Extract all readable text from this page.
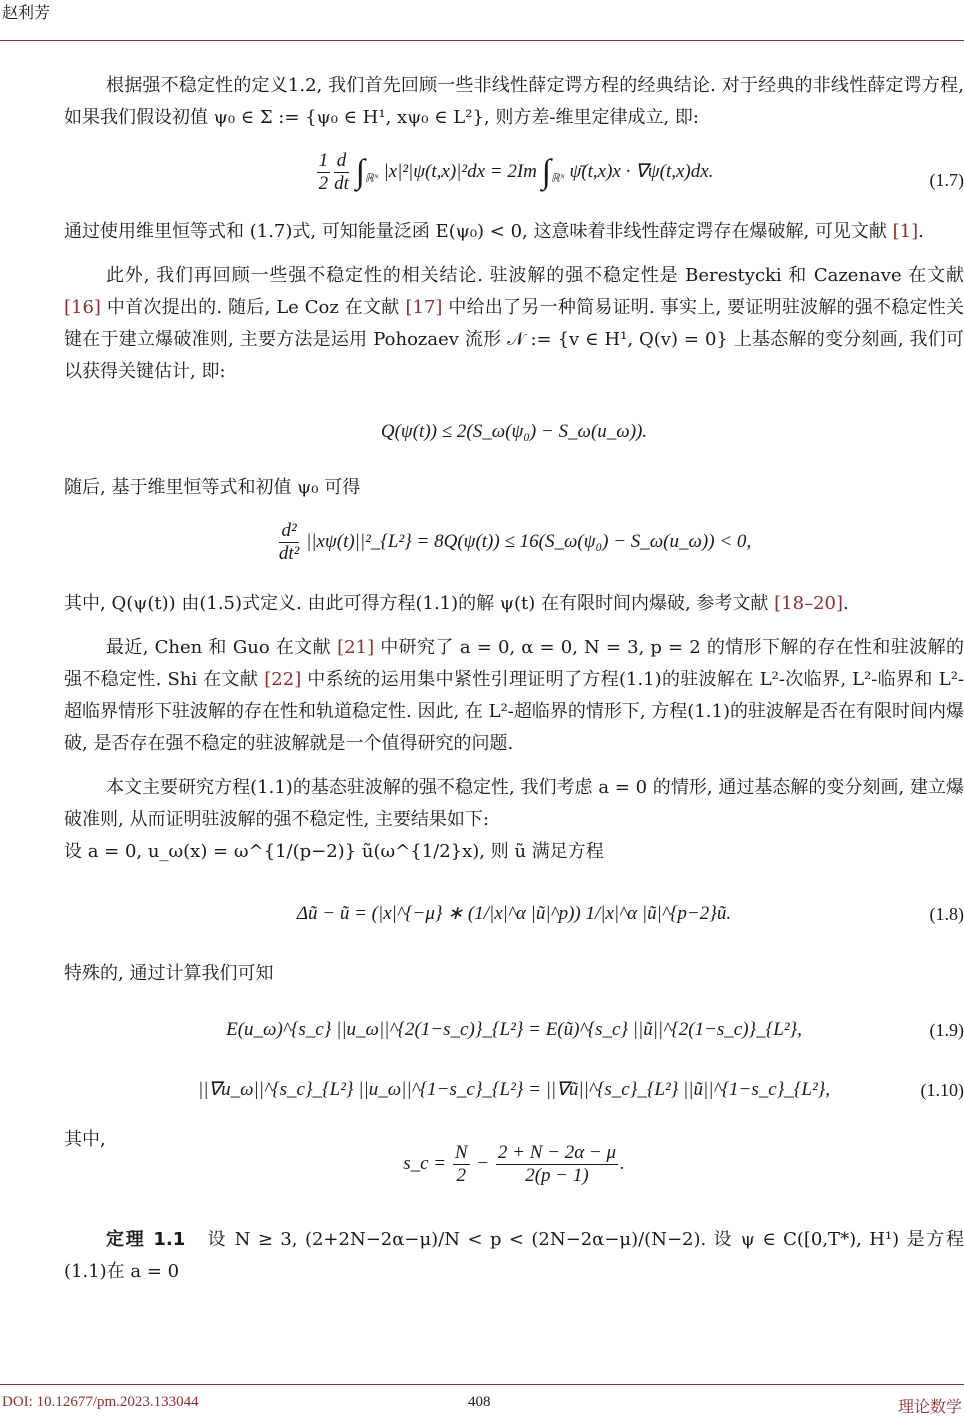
赵利芳

根据强不稳定性的定义1.2, 我们首先回顾一些非线性薛定谔方程的经典结论. 对于经典的非线性薛定谔方程, 如果我们假设初值 ψ₀ ∈ Σ := {ψ₀ ∈ H¹, xψ₀ ∈ L²}, 则方差-维里定律成立, 即:

$\frac{1}{2} \frac{d}{dt} \int_{ℝᴺ}$ |x|²|ψ(t,x)|²dx = 2Im $\int_{ℝᴺ}$ ψ̄(t,x)x · ∇ψ(t,x)dx.	(1.7)

通过使用维里恒等式和 (1.7)式, 可知能量泛函 E(ψ₀) < 0, 这意味着非线性薛定谔存在爆破解, 可见文献 [1].

此外, 我们再回顾一些强不稳定性的相关结论. 驻波解的强不稳定性是 Berestycki 和 Cazenave 在文献 [16] 中首次提出的. 随后, Le Coz 在文献 [17] 中给出了另一种简易证明. 事实上, 要证明驻波解的强不稳定性关键在于建立爆破准则, 主要方法是运用 Pohozaev 流形 𝒩 := {v ∈ H¹, Q(v) = 0} 上基态解的变分刻画, 我们可以获得关键估计, 即:

Q(ψ(t)) ≤ 2(S_ω(ψ₀) − S_ω(u_ω)).

随后, 基于维里恒等式和初值 ψ₀ 可得

$\frac{\text{d²}}{\text{dt²}}$ ||xψ(t)||²_{L²} = 8Q(ψ(t)) ≤ 16(S_ω(ψ₀) − S_ω(u_ω)) < 0,

其中, Q(ψ(t)) 由(1.5)式定义. 由此可得方程(1.1)的解 ψ(t) 在有限时间内爆破, 参考文献 [18–20].

最近, Chen 和 Guo 在文献 [21] 中研究了 a = 0, α = 0, N = 3, p = 2 的情形下解的存在性和驻波解的强不稳定性. Shi 在文献 [22] 中系统的运用集中紧性引理证明了方程(1.1)的驻波解在 L²-次临界, L²-临界和 L²-超临界情形下驻波解的存在性和轨道稳定性. 因此, 在 L²-超临界的情形下, 方程(1.1)的驻波解是否在有限时间内爆破, 是否存在强不稳定的驻波解就是一个值得研究的问题.

本文主要研究方程(1.1)的基态驻波解的强不稳定性, 我们考虑 a = 0 的情形, 通过基态解的变分刻画, 建立爆破准则, 从而证明驻波解的强不稳定性, 主要结果如下:

设 a = 0, u_ω(x) = ω^{1/(p−2)} ũ(ω^{1/2}x), 则 ũ 满足方程

Δũ − ũ = (|x|^{−μ} ∗ (1/|x|^α |ũ|^p)) 1/|x|^α |ũ|^{p−2}ũ.	(1.8)

特殊的, 通过计算我们可知

E(u_ω)^{s_c} ||u_ω||^{2(1−s_c)}_{L²} = E(ũ)^{s_c} ||ũ||^{2(1−s_c)}_{L²},	(1.9)
||∇u_ω||^{s_c}_{L²} ||u_ω||^{1−s_c}_{L²} = ||∇ũ||^{s_c}_{L²} ||ũ||^{1−s_c}_{L²},	(1.10)

其中,

s_c = $\frac{N}{2} - \frac{2 + N - 2\alpha - \mu}{2(p - 1)}$ .

定理 1.1 设 N ≥ 3, (2+2N−2α−μ)/N < p < (2N−2α−μ)/(N−2). 设 ψ ∈ C([0,T*), H¹) 是方程(1.1)在 a = 0

DOI: 10.12677/pm.2023.133044	408	理论数学
